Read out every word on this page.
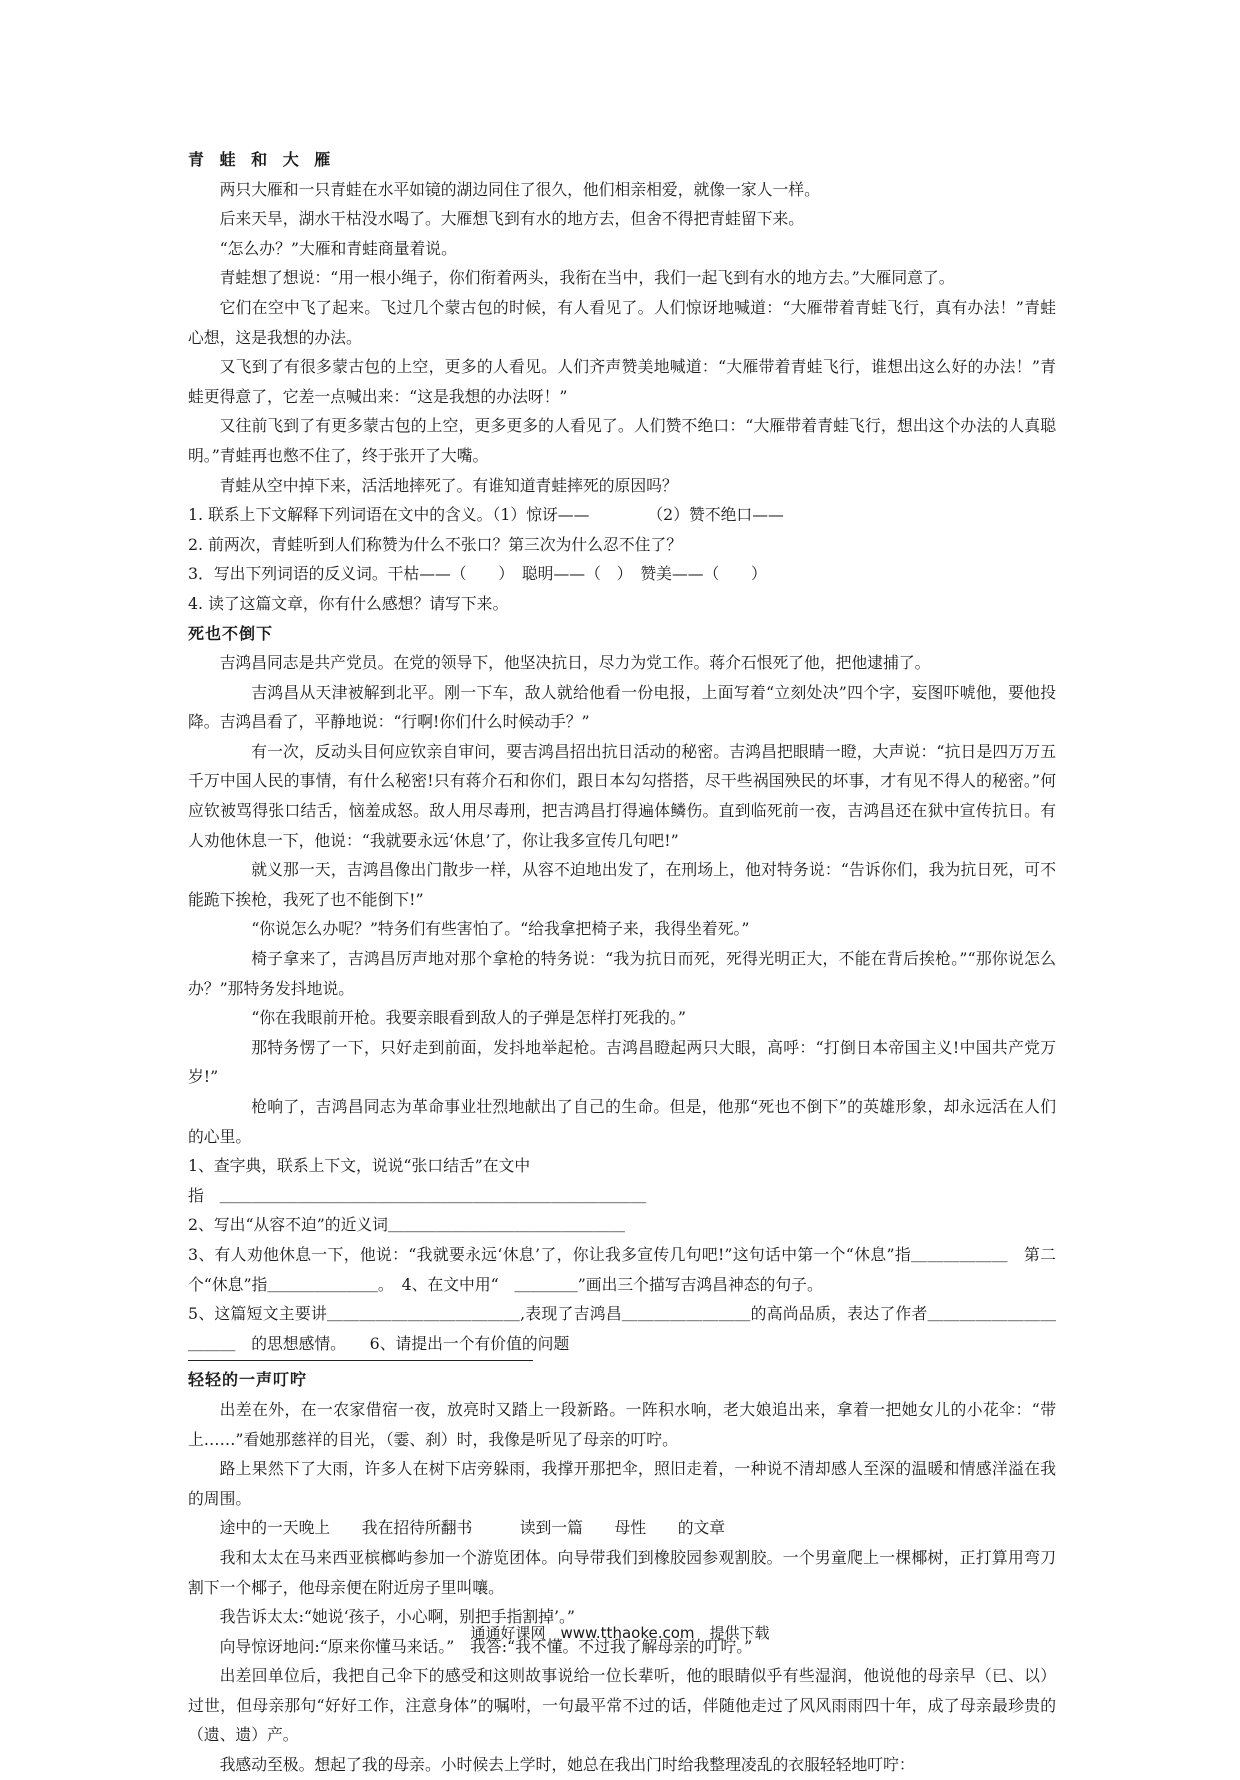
青 蛙 和 大 雁

两只大雁和一只青蛙在水平如镜的湖边同住了很久，他们相亲相爱，就像一家人一样。

后来天旱，湖水干枯没水喝了。大雁想飞到有水的地方去，但舍不得把青蛙留下来。

“怎么办？”大雁和青蛙商量着说。

青蛙想了想说：“用一根小绳子，你们衔着两头，我衔在当中，我们一起飞到有水的地方去。”大雁同意了。

它们在空中飞了起来。飞过几个蒙古包的时候，有人看见了。人们惊讶地喊道：“大雁带着青蛙飞行，真有办法！”青蛙心想，这是我想的办法。

又飞到了有很多蒙古包的上空，更多的人看见。人们齐声赞美地喊道：“大雁带着青蛙飞行，谁想出这么好的办法！”青蛙更得意了，它差一点喊出来：“这是我想的办法呀！”

又往前飞到了有更多蒙古包的上空，更多更多的人看见了。人们赞不绝口：“大雁带着青蛙飞行，想出这个办法的人真聪明。”青蛙再也憋不住了，终于张开了大嘴。

青蛙从空中掉下来，活活地摔死了。有谁知道青蛙摔死的原因吗？

1. 联系上下文解释下列词语在文中的含义。（1）惊讶——	（2）赞不绝口——

2. 前两次，青蛙听到人们称赞为什么不张口？第三次为什么忍不住了？

3．写出下列词语的反义词。干枯——（　　）　聪明——（　）　赞美——（　　）

4. 读了这篇文章，你有什么感想？请写下来。

死也不倒下

吉鸿昌同志是共产党员。在党的领导下，他坚决抗日，尽力为党工作。蒋介石恨死了他，把他逮捕了。

吉鸿昌从天津被解到北平。刚一下车，敌人就给他看一份电报，上面写着“立刻处决”四个字，妄图吓唬他，要他投降。吉鸿昌看了，平静地说：“行啊!你们什么时候动手？”

有一次，反动头目何应钦亲自审问，要吉鸿昌招出抗日活动的秘密。吉鸿昌把眼睛一瞪，大声说：“抗日是四万万五千万中国人民的事情，有什么秘密!只有蒋介石和你们，跟日本勾勾搭搭，尽干些祸国殃民的坏事，才有见不得人的秘密。”何应钦被骂得张口结舌，恼羞成怒。敌人用尽毒刑，把吉鸿昌打得遍体鳞伤。直到临死前一夜，吉鸿昌还在狱中宣传抗日。有人劝他休息一下，他说：“我就要永远‘休息’了，你让我多宣传几句吧!”

就义那一天，吉鸿昌像出门散步一样，从容不迫地出发了，在刑场上，他对特务说：“告诉你们，我为抗日死，可不能跪下挨枪，我死了也不能倒下!”

“你说怎么办呢？”特务们有些害怕了。“给我拿把椅子来，我得坐着死。”

椅子拿来了，吉鸿昌厉声地对那个拿枪的特务说：“我为抗日而死，死得光明正大，不能在背后挨枪。”“那你说怎么办？”那特务发抖地说。

“你在我眼前开枪。我要亲眼看到敌人的子弹是怎样打死我的。”

那特务愣了一下，只好走到前面，发抖地举起枪。吉鸿昌瞪起两只大眼，高呼：“打倒日本帝国主义!中国共产党万岁!”

枪响了，吉鸿昌同志为革命事业壮烈地献出了自己的生命。但是，他那“死也不倒下”的英雄形象，却永远活在人们的心里。

1、查字典，联系上下文，说说“张口结舌”在文中

指　＿＿＿＿＿＿＿＿＿＿＿＿＿＿＿＿＿＿＿＿＿＿＿＿＿＿＿

2、写出“从容不迫”的近义词＿＿＿＿＿＿＿＿＿＿＿＿＿＿＿

3、有人劝他休息一下，他说：“我就要永远‘休息’了，你让我多宣传几句吧!”这句话中第一个“休息”指＿＿＿＿＿＿　第二个“休息”指＿＿＿＿＿＿＿。　4、在文中用“　＿＿＿＿”画出三个描写吉鸿昌神态的句子。

5、这篇短文主要讲＿＿＿＿＿＿＿＿＿＿＿＿,表现了吉鸿昌＿＿＿＿＿＿＿＿的高尚品质，表达了作者＿＿＿＿＿＿＿＿＿＿＿　的思想感情。　　6、请提出一个有价值的问题

轻轻的一声叮咛

出差在外，在一农家借宿一夜，放亮时又踏上一段新路。一阵积水响，老大娘追出来，拿着一把她女儿的小花伞：“带上……”看她那慈祥的目光，（霎、刹）时，我像是听见了母亲的叮咛。

路上果然下了大雨，许多人在树下店旁躲雨，我撑开那把伞，照旧走着，一种说不清却感人至深的温暖和情感洋溢在我的周围。

途中的一天晚上　　我在招待所翻书　　　读到一篇　　母性　　的文章

我和太太在马来西亚槟榔屿参加一个游览团体。向导带我们到橡胶园参观割胶。一个男童爬上一棵椰树，正打算用弯刀割下一个椰子，他母亲便在附近房子里叫嚷。

我告诉太太:“她说‘孩子，小心啊，别把手指割掉’。”

向导惊讶地问:“原来你懂马来话。”　我答:“我不懂。不过我了解母亲的叮咛。”

出差回单位后，我把自己伞下的感受和这则故事说给一位长辈听，他的眼睛似乎有些湿润，他说他的母亲早（已、以）过世，但母亲那句“好好工作，注意身体”的嘱咐，一句最平常不过的话，伴随他走过了风风雨雨四十年，成了母亲最珍贵的（遗、遗）产。

我感动至极。想起了我的母亲。小时候去上学时，她总在我出门时给我整理凌乱的衣服轻轻地叮咛：

通通好课网　www.tthaoke.com　提供下载
